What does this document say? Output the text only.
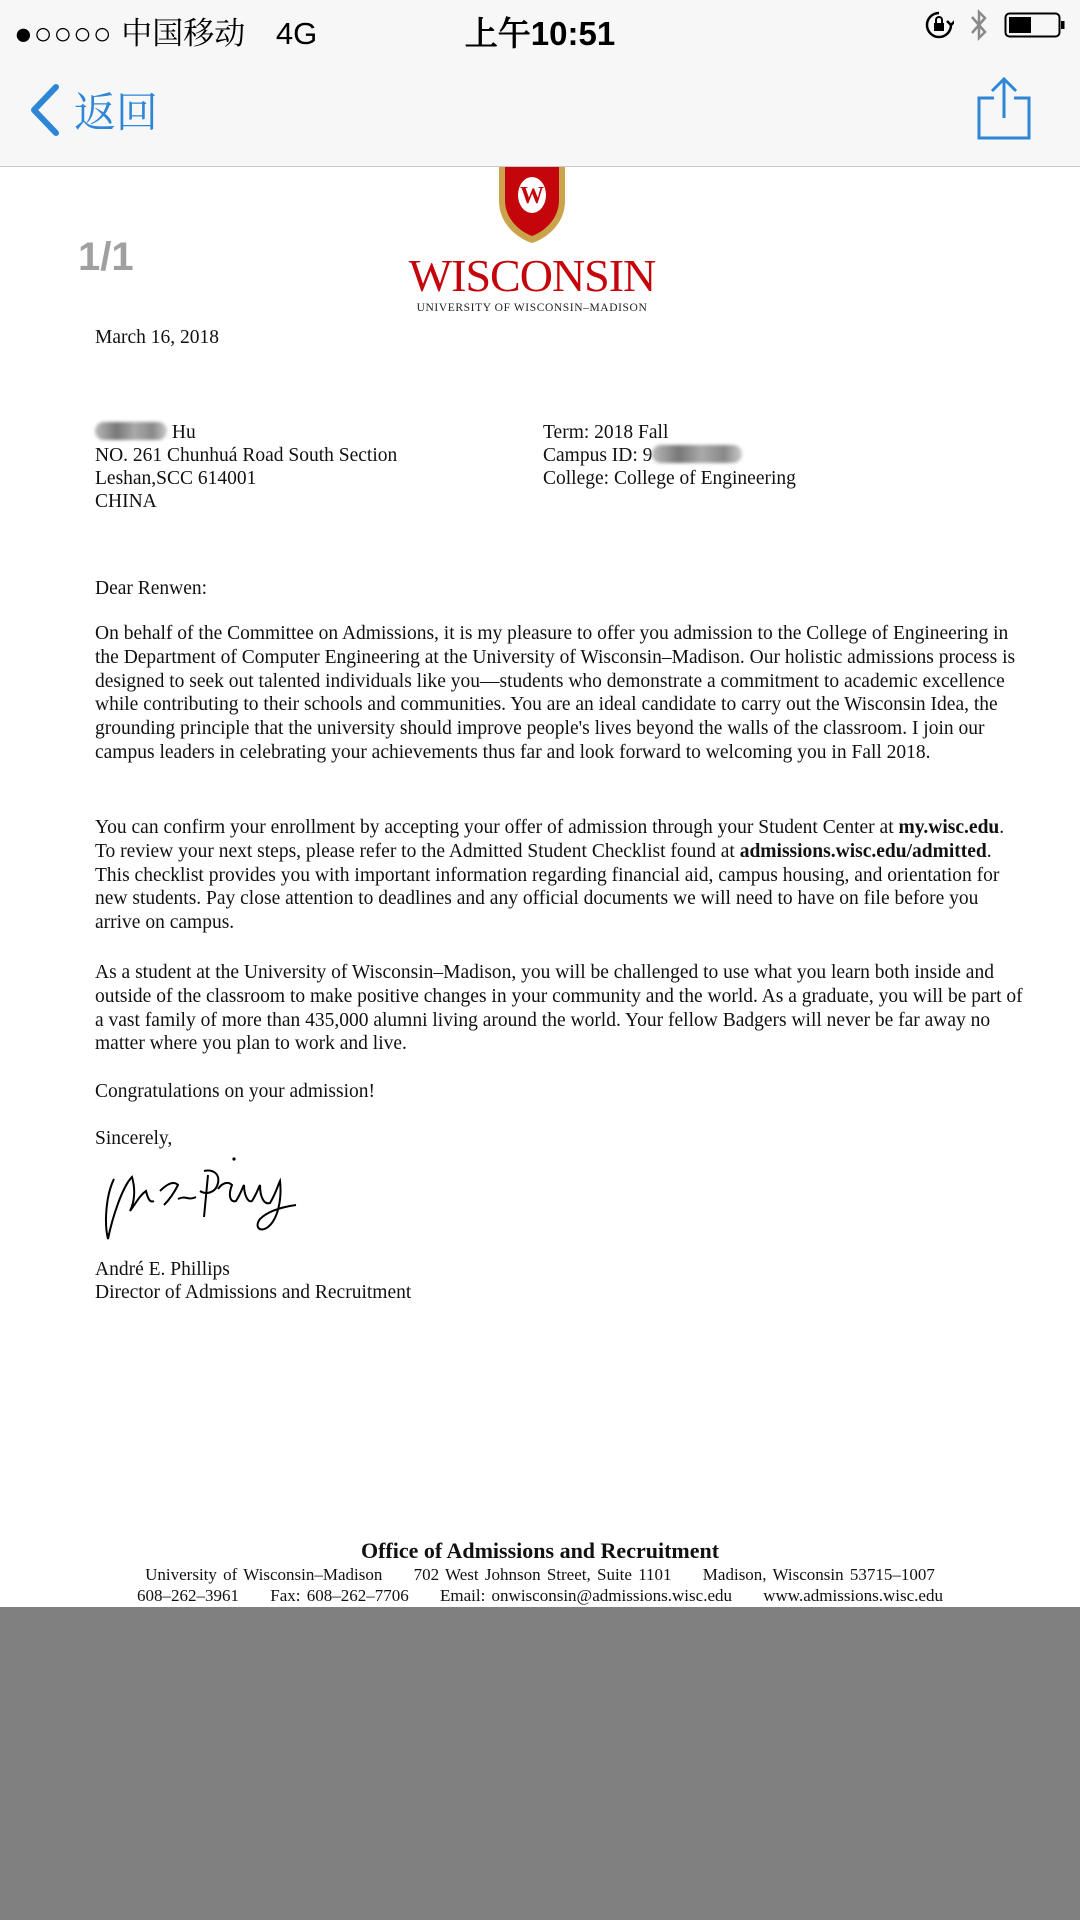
●○○○○ 中国移动 4G	上午10:51
返回
1/1
W
WISCONSIN
UNIVERSITY OF WISCONSIN–MADISON
March 16, 2018
Hu
NO. 261 Chunhuá Road South Section
Leshan,SCC 614001
CHINA
Term: 2018 Fall
Campus ID: 9
College: College of Engineering
Dear Renwen:
On behalf of the Committee on Admissions, it is my pleasure to offer you admission to the College of Engineering in the Department of Computer Engineering at the University of Wisconsin–Madison. Our holistic admissions process is designed to seek out talented individuals like you—students who demonstrate a commitment to academic excellence while contributing to their schools and communities. You are an ideal candidate to carry out the Wisconsin Idea, the grounding principle that the university should improve people's lives beyond the walls of the classroom. I join our campus leaders in celebrating your achievements thus far and look forward to welcoming you in Fall 2018.
You can confirm your enrollment by accepting your offer of admission through your Student Center at my.wisc.edu. To review your next steps, please refer to the Admitted Student Checklist found at admissions.wisc.edu/admitted. This checklist provides you with important information regarding financial aid, campus housing, and orientation for new students. Pay close attention to deadlines and any official documents we will need to have on file before you arrive on campus.
As a student at the University of Wisconsin–Madison, you will be challenged to use what you learn both inside and outside of the classroom to make positive changes in your community and the world. As a graduate, you will be part of a vast family of more than 435,000 alumni living around the world. Your fellow Badgers will never be far away no matter where you plan to work and live.
Congratulations on your admission!
Sincerely,
André E. Phillips
Director of Admissions and Recruitment
Office of Admissions and Recruitment
University of Wisconsin–Madison     702 West Johnson Street, Suite 1101     Madison, Wisconsin 53715–1007
608–262–3961     Fax: 608–262–7706     Email: onwisconsin@admissions.wisc.edu     www.admissions.wisc.edu
